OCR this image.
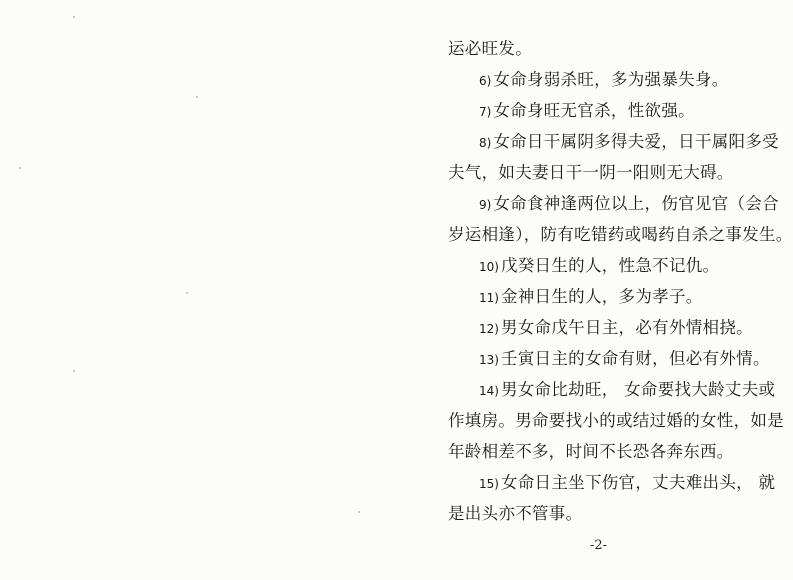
运必旺发。
6) 女命身弱杀旺，多为强暴失身。
7) 女命身旺无官杀，性欲强。
8) 女命日干属阴多得夫爱，日干属阳多受
夫气，如夫妻日干一阴一阳则无大碍。
9) 女命食神逢两位以上，伤官见官（会合
岁运相逢），防有吃错药或喝药自杀之事发生。
10) 戊癸日生的人，性急不记仇。
11) 金神日生的人，多为孝子。
12) 男女命戊午日主，必有外情相挠。
13) 壬寅日主的女命有财，但必有外情。
14) 男女命比劫旺， 女命要找大龄丈夫或
作填房。男命要找小的或结过婚的女性，如是
年龄相差不多，时间不长恐各奔东西。
15) 女命日主坐下伤官，丈夫难出头， 就
是出头亦不管事。
-2-
